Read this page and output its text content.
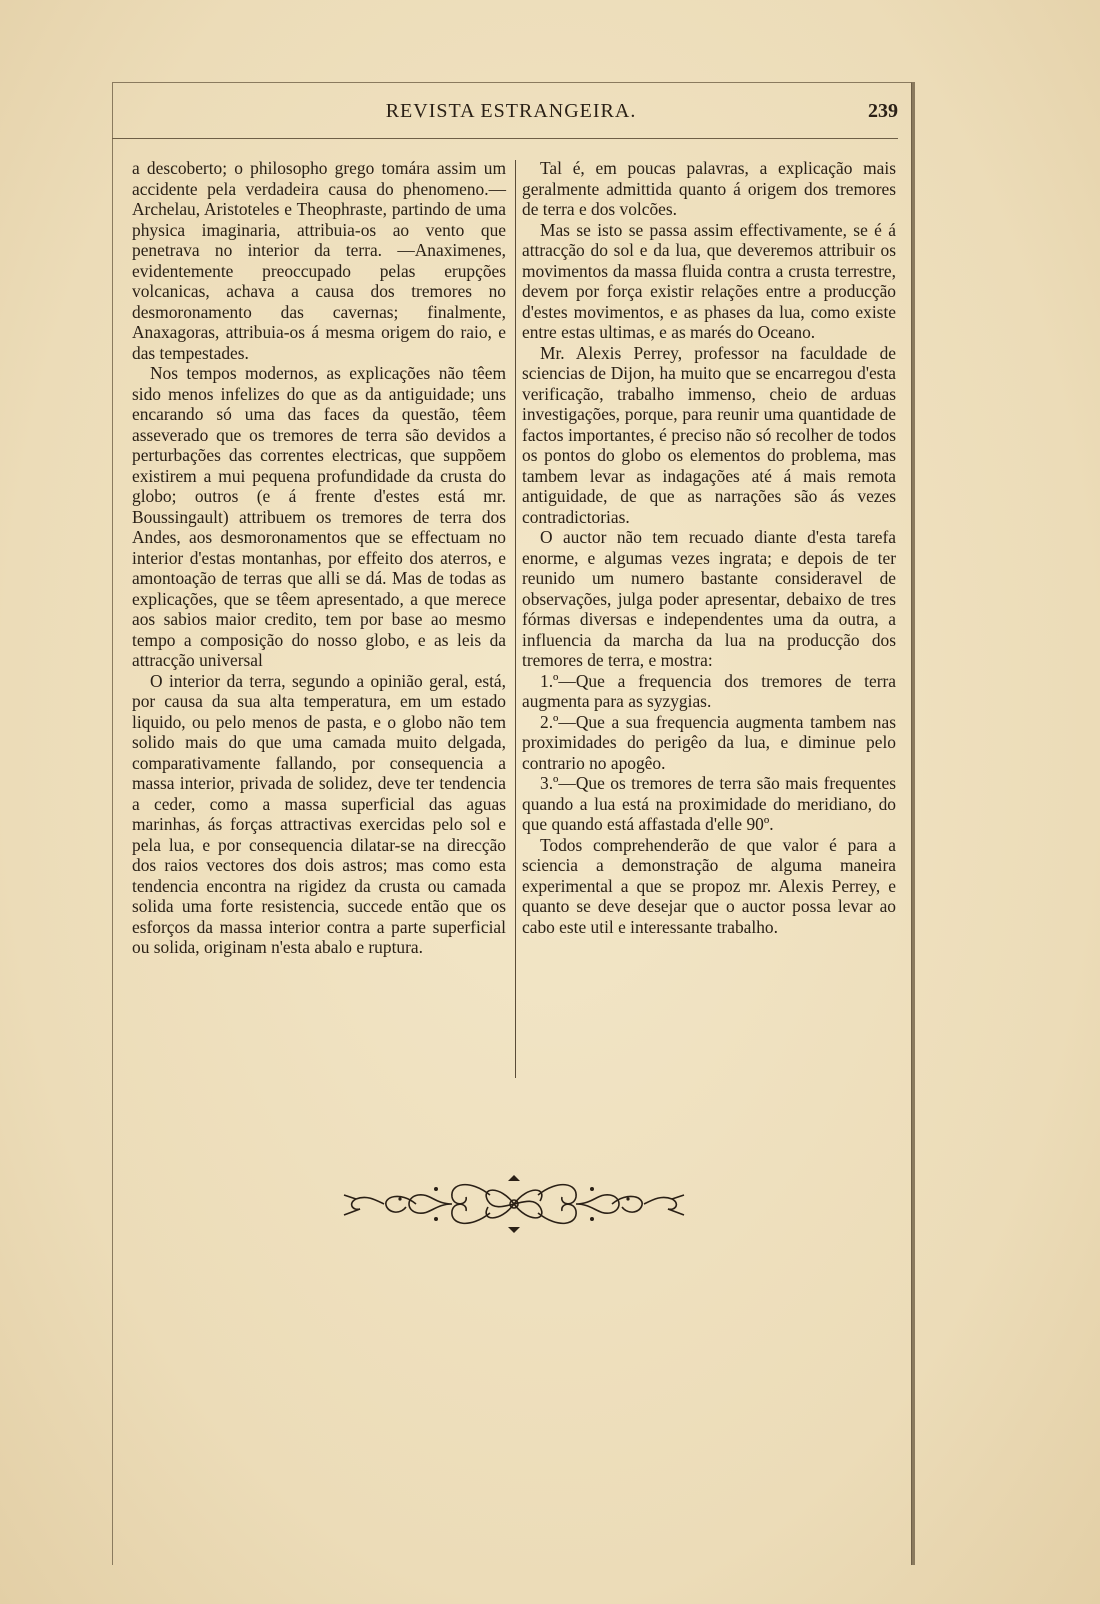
REVISTA ESTRANGEIRA.	239

a descoberto; o philosopho grego tomára assim um accidente pela verdadeira causa do phenomeno.—Archelau, Aristoteles e Theophraste, partindo de uma physica imaginaria, attribuia-os ao vento que penetrava no interior da terra. —Anaximenes, evidentemente preoccupado pelas erupções volcanicas, achava a causa dos tremores no desmoronamento das cavernas; finalmente, Anaxagoras, attribuia-os á mesma origem do raio, e das tempestades.

Nos tempos modernos, as explicações não têem sido menos infelizes do que as da antiguidade; uns encarando só uma das faces da questão, têem asseverado que os tremores de terra são devidos a perturbações das correntes electricas, que suppõem existirem a mui pequena profundidade da crusta do globo; outros (e á frente d'estes está mr. Boussingault) attribuem os tremores de terra dos Andes, aos desmoronamentos que se effectuam no interior d'estas montanhas, por effeito dos aterros, e amontoação de terras que alli se dá. Mas de todas as explicações, que se têem apresentado, a que merece aos sabios maior credito, tem por base ao mesmo tempo a composição do nosso globo, e as leis da attracção universal

O interior da terra, segundo a opinião geral, está, por causa da sua alta temperatura, em um estado liquido, ou pelo menos de pasta, e o globo não tem solido mais do que uma camada muito delgada, comparativamente fallando, por consequencia a massa interior, privada de solidez, deve ter tendencia a ceder, como a massa superficial das aguas marinhas, ás forças attractivas exercidas pelo sol e pela lua, e por consequencia dilatar-se na direcção dos raios vectores dos dois astros; mas como esta tendencia encontra na rigidez da crusta ou camada solida uma forte resistencia, succede então que os esforços da massa interior contra a parte superficial ou solida, originam n'esta abalo e ruptura.

Tal é, em poucas palavras, a explicação mais geralmente admittida quanto á origem dos tremores de terra e dos volcões.

Mas se isto se passa assim effectivamente, se é á attracção do sol e da lua, que deveremos attribuir os movimentos da massa fluida contra a crusta terrestre, devem por força existir relações entre a producção d'estes movimentos, e as phases da lua, como existe entre estas ultimas, e as marés do Oceano.

Mr. Alexis Perrey, professor na faculdade de sciencias de Dijon, ha muito que se encarregou d'esta verificação, trabalho immenso, cheio de arduas investigações, porque, para reunir uma quantidade de factos importantes, é preciso não só recolher de todos os pontos do globo os elementos do problema, mas tambem levar as indagações até á mais remota antiguidade, de que as narrações são ás vezes contradictorias.

O auctor não tem recuado diante d'esta tarefa enorme, e algumas vezes ingrata; e depois de ter reunido um numero bastante consideravel de observações, julga poder apresentar, debaixo de tres fórmas diversas e independentes uma da outra, a influencia da marcha da lua na producção dos tremores de terra, e mostra:

1.º—Que a frequencia dos tremores de terra augmenta para as syzygias.

2.º—Que a sua frequencia augmenta tambem nas proximidades do perigêo da lua, e diminue pelo contrario no apogêo.

3.º—Que os tremores de terra são mais frequentes quando a lua está na proximidade do meridiano, do que quando está affastada d'elle 90º.

Todos comprehenderão de que valor é para a sciencia a demonstração de alguma maneira experimental a que se propoz mr. Alexis Perrey, e quanto se deve desejar que o auctor possa levar ao cabo este util e interessante trabalho.
